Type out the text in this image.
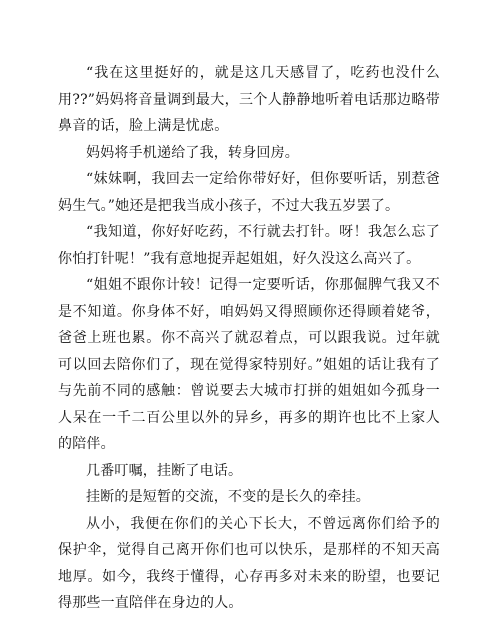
“我在这里挺好的，就是这几天感冒了，吃药也没什么用??”妈妈将音量调到最大，三个人静静地听着电话那边略带鼻音的话，脸上满是忧虑。

妈妈将手机递给了我，转身回房。

“妹妹啊，我回去一定给你带好好，但你要听话，别惹爸妈生气。”她还是把我当成小孩子，不过大我五岁罢了。

“我知道，你好好吃药，不行就去打针。呀！我怎么忘了你怕打针呢！”我有意地捉弄起姐姐，好久没这么高兴了。

“姐姐不跟你计较！记得一定要听话，你那倔脾气我又不是不知道。你身体不好，咱妈妈又得照顾你还得顾着姥爷，爸爸上班也累。你不高兴了就忍着点，可以跟我说。过年就可以回去陪你们了，现在觉得家特别好。”姐姐的话让我有了与先前不同的感触：曾说要去大城市打拼的姐姐如今孤身一人呆在一千二百公里以外的异乡，再多的期许也比不上家人的陪伴。

几番叮嘱，挂断了电话。

挂断的是短暂的交流，不变的是长久的牵挂。

从小，我便在你们的关心下长大，不曾远离你们给予的保护伞，觉得自己离开你们也可以快乐，是那样的不知天高地厚。如今，我终于懂得，心存再多对未来的盼望，也要记得那些一直陪伴在身边的人。
